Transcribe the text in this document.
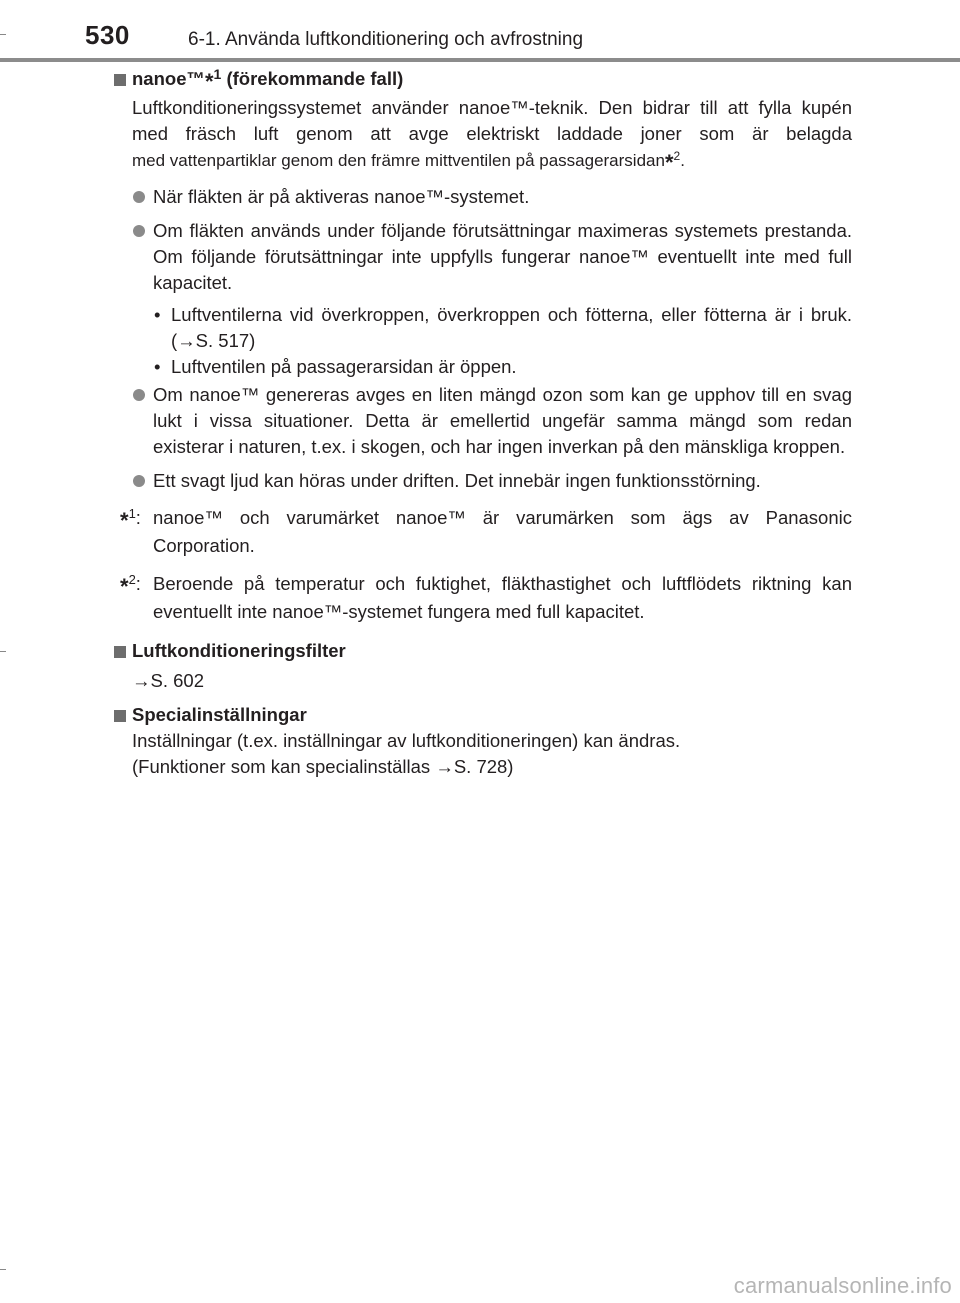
530	6-1. Använda luftkonditionering och avfrostning
nanoe™*$^1$ (förekommande fall)
Luftkonditioneringssystemet använder nanoe™-teknik. Den bidrar till att fylla kupén med fräsch luft genom att avge elektriskt laddade joner som är belagda med vattenpartiklar genom den främre mittventilen på passagerarsidan*$^2$.
När fläkten är på aktiveras nanoe™-systemet.
Om fläkten används under följande förutsättningar maximeras systemets prestanda. Om följande förutsättningar inte uppfylls fungerar nanoe™ eventuellt inte med full kapacitet.
• Luftventilerna vid överkroppen, överkroppen och fötterna, eller fötterna är i bruk. (→S. 517)
• Luftventilen på passagerarsidan är öppen.
Om nanoe™ genereras avges en liten mängd ozon som kan ge upphov till en svag lukt i vissa situationer. Detta är emellertid ungefär samma mängd som redan existerar i naturen, t.ex. i skogen, och har ingen inverkan på den mänskliga kroppen.
Ett svagt ljud kan höras under driften. Det innebär ingen funktionsstörning.
*$^1$: nanoe™ och varumärket nanoe™ är varumärken som ägs av Panasonic Corporation.
*$^2$: Beroende på temperatur och fuktighet, fläkthastighet och luftflödets riktning kan eventuellt inte nanoe™-systemet fungera med full kapacitet.
Luftkonditioneringsfilter
→S. 602
Specialinställningar
Inställningar (t.ex. inställningar av luftkonditioneringen) kan ändras.
(Funktioner som kan specialinställas →S. 728)
carmanualsonline.info
